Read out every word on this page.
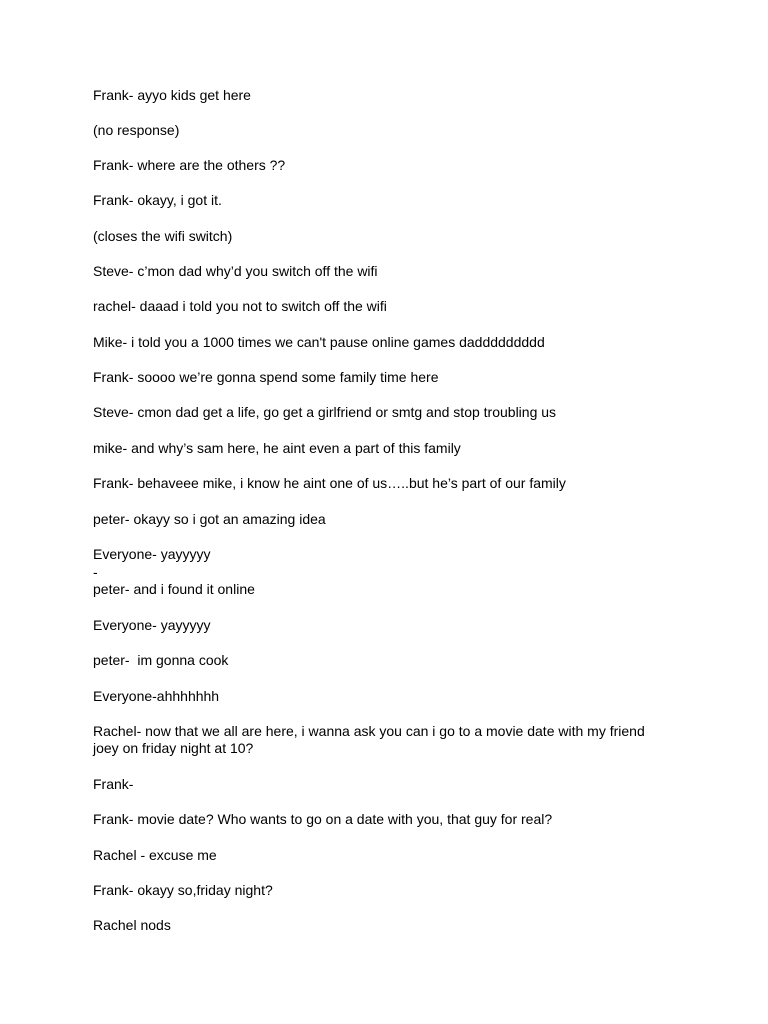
Frank- ayyo kids get here

(no response)

Frank- where are the others ??

Frank- okayy, i got it.

(closes the wifi switch)

Steve- c’mon dad why’d you switch off the wifi

rachel- daaad i told you not to switch off the wifi

Mike- i told you a 1000 times we can't pause online games daddddddddd

Frank- soooo we’re gonna spend some family time here

Steve- cmon dad get a life, go get a girlfriend or smtg and stop troubling us

mike- and why’s sam here, he aint even a part of this family

Frank- behaveee mike, i know he aint one of us…..but he’s part of our family

peter- okayy so i got an amazing idea

Everyone- yayyyyy

-

peter- and i found it online

Everyone- yayyyyy

peter-  im gonna cook

Everyone-ahhhhhhh

Rachel- now that we all are here, i wanna ask you can i go to a movie date with my friend joey on friday night at 10?

Frank-

Frank- movie date? Who wants to go on a date with you, that guy for real?

Rachel - excuse me

Frank- okayy so,friday night?

Rachel nods
